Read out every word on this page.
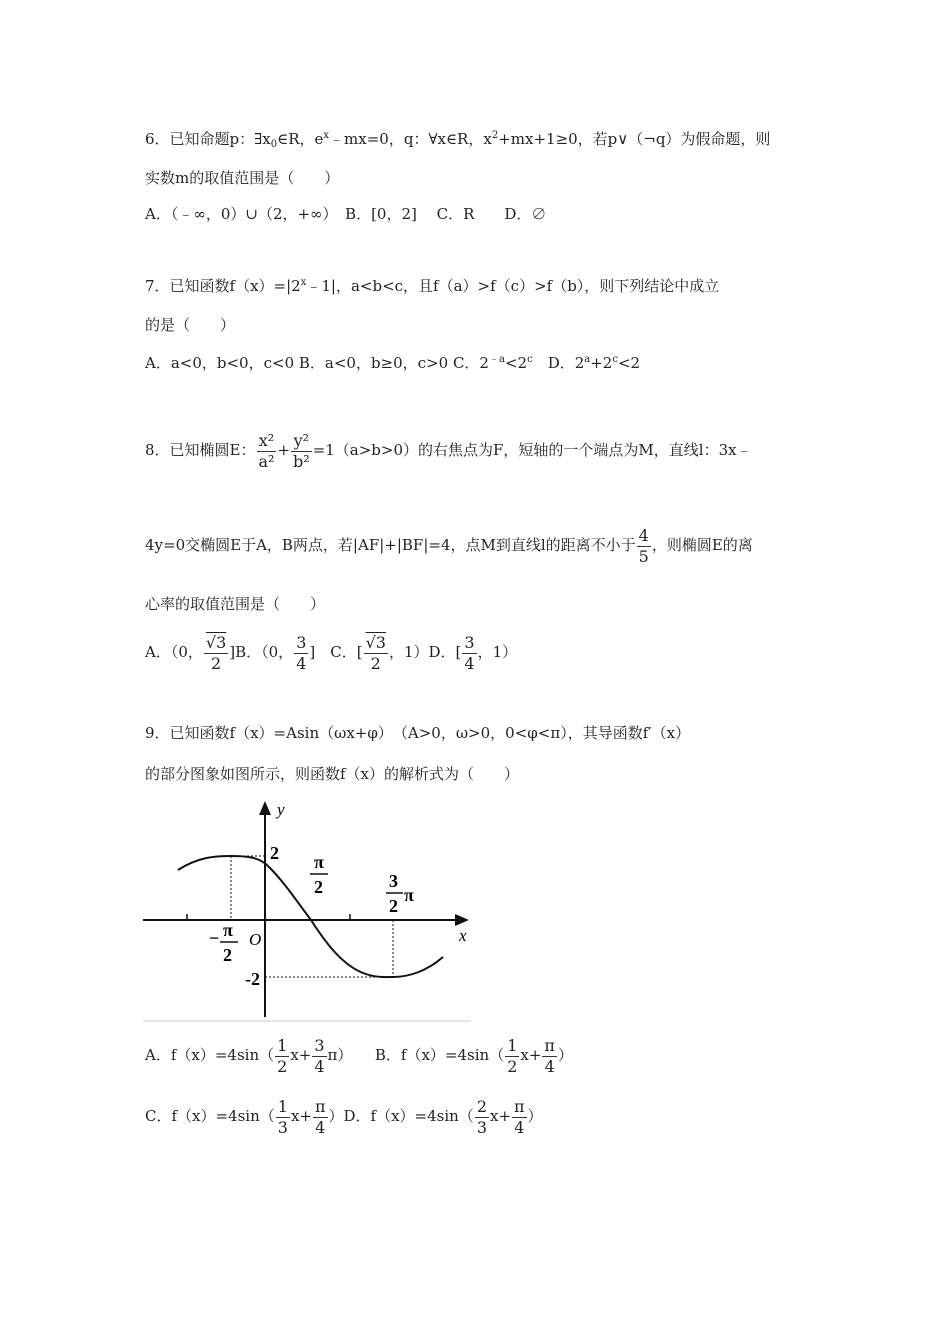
6．已知命题p：$\exists x_0\in R$，$e^x﹣mx=0$，q：∀x∈R，$x^2+mx+1\ge 0$，若p∨（¬q）为假命题，则
实数m的取值范围是（　　）
A．（﹣∞，0）∪（2，+∞）　B．[0，2]　 C．R　　D．∅
7．已知函数$f(x)=|2^x﹣1|$，a<b<c，且f（a）>f（c）>f（b），则下列结论中成立
的是（　　）
A．a<0，b<0，c<0 B．a<0，b≥0，c>0 C．$2^{﹣a}<2^c$　D．$2^a+2^c<2$
8．已知椭圆E： $\frac{\text{x²}}{\text{a²}} + \frac{\text{y²}}{\text{b²}} =1(a>b>0)$的右焦点为F，短轴的一个端点为M，直线l：3x﹣
4y=0交椭圆E于A，B两点，若|AF|+|BF|=4，点M到直线l的距离不小于 $\frac{4}{5}$ ，则椭圆E的离
心率的取值范围是（　　）
A．（0， $\frac{√3}{2} ]B$．（0， $\frac{3}{4}$ ]　C．[ $\frac{√3}{2}$ ，1）D．[ $\frac{3}{4}$ ，1）
9．已知函数f（x）=Asin（ωx+φ）　（A>0，ω>0，0<φ<π），其导函数f′（x）
的部分图象如图所示，则函数f（x）的解析式为（　　）
y
x
O
2
-2
π
2	3
2
π
− π
2
A．$f(x)=4\sin( \frac{1}{2} x+ \frac{3}{4} \pi)$　　B．$f(x)=4\sin( \frac{1}{2} x+ \frac{\pi}{4}$ ）
C．$f(x)=4\sin( \frac{1}{3} x+ \frac{\pi}{4} )D$．$f(x)=4\sin( \frac{2}{3} x+ \frac{\pi}{4}$ ）
